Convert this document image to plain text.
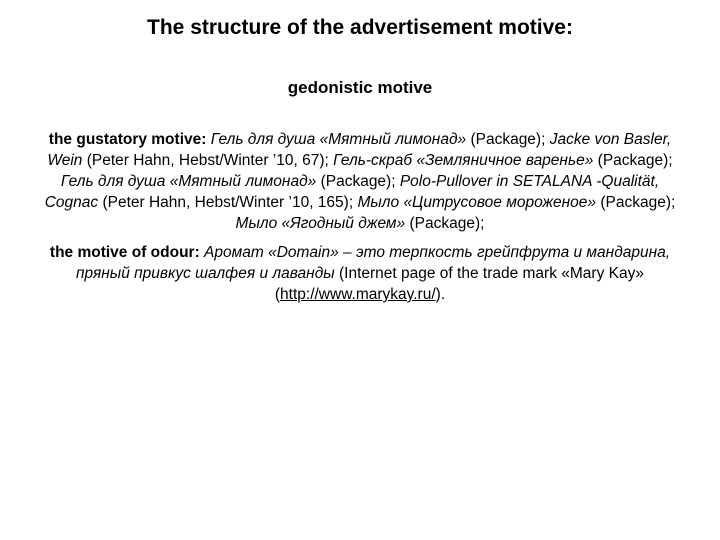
The structure of the advertisement motive:

gedonistic motive

the gustatory motive: Гель для душа «Мятный лимонад» (Package); Jacke von Basler, Wein (Peter Hahn, Hebst/Winter ’10, 67); Гель-скраб «Земляничное варенье» (Package); Гель для душа «Мятный лимонад» (Package); Polo-Pullover in SETALANA -Qualität, Cognac (Peter Hahn, Hebst/Winter ’10, 165); Мыло «Цитрусовое мороженое» (Package); Мыло «Ягодный джем» (Package);

the motive of odour: Аромат «Domain» – это терпкость грейпфрута и мандарина, пряный привкус шалфея и лаванды (Internet page of the trade mark «Mary Kay» (http://www.marykay.ru/).
